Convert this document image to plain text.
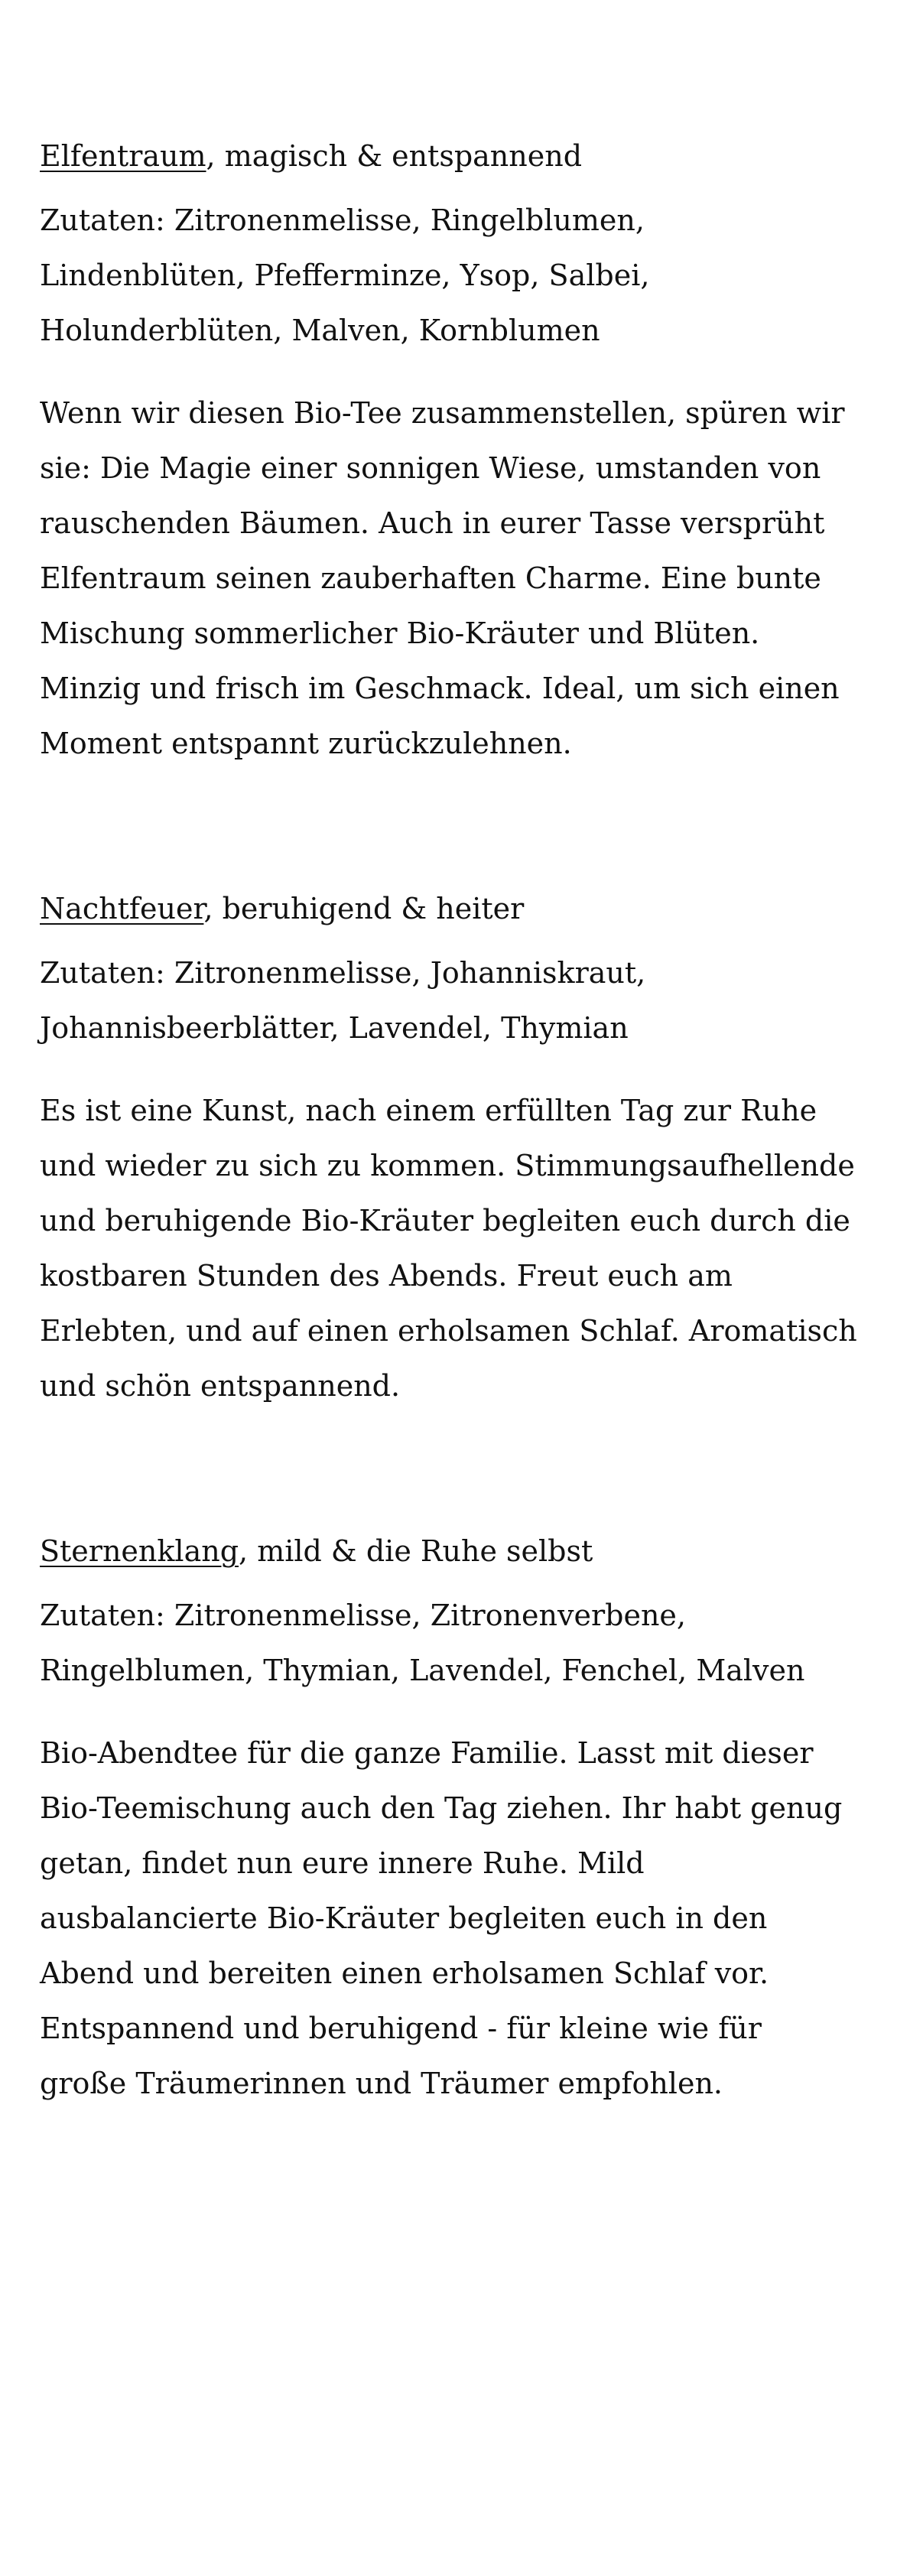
Elfentraum, magisch & entspannend

Zutaten: Zitronenmelisse, Ringelblumen, Lindenblüten, Pfefferminze, Ysop, Salbei, Holunderblüten, Malven, Kornblumen

Wenn wir diesen Bio-Tee zusammenstellen, spüren wir sie: Die Magie einer sonnigen Wiese, umstanden von rauschenden Bäumen. Auch in eurer Tasse versprüht Elfentraum seinen zauberhaften Charme. Eine bunte Mischung sommerlicher Bio-Kräuter und Blüten. Minzig und frisch im Geschmack. Ideal, um sich einen Moment entspannt zurückzulehnen.

Nachtfeuer, beruhigend & heiter

Zutaten: Zitronenmelisse, Johanniskraut, Johannisbeerblätter, Lavendel, Thymian

Es ist eine Kunst, nach einem erfüllten Tag zur Ruhe und wieder zu sich zu kommen. Stimmungsaufhellende und beruhigende Bio-Kräuter begleiten euch durch die kostbaren Stunden des Abends. Freut euch am Erlebten, und auf einen erholsamen Schlaf. Aromatisch und schön entspannend.

Sternenklang, mild & die Ruhe selbst

Zutaten: Zitronenmelisse, Zitronenverbene, Ringelblumen, Thymian, Lavendel, Fenchel, Malven

Bio-Abendtee für die ganze Familie. Lasst mit dieser Bio-Teemischung auch den Tag ziehen. Ihr habt genug getan, findet nun eure innere Ruhe. Mild ausbalancierte Bio-Kräuter begleiten euch in den Abend und bereiten einen erholsamen Schlaf vor. Entspannend und beruhigend - für kleine wie für große Träumerinnen und Träumer empfohlen.
